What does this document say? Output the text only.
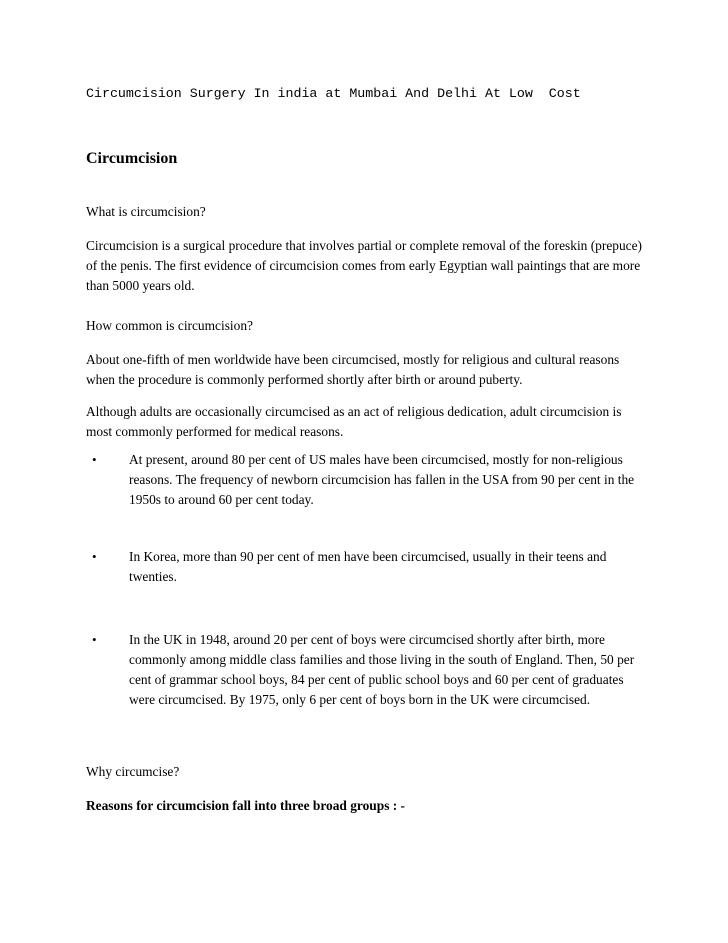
Circumcision Surgery In india at Mumbai And Delhi At Low  Cost
Circumcision

What is circumcision?

Circumcision is a surgical procedure that involves partial or complete removal of the foreskin (prepuce) of the penis. The first evidence of circumcision comes from early Egyptian wall paintings that are more than 5000 years old.

How common is circumcision?

About one-fifth of men worldwide have been circumcised, mostly for religious and cultural reasons when the procedure is commonly performed shortly after birth or around puberty.

Although adults are occasionally circumcised as an act of religious dedication, adult circumcision is most commonly performed for medical reasons.

• At present, around 80 per cent of US males have been circumcised, mostly for non-religious reasons. The frequency of newborn circumcision has fallen in the USA from 90 per cent in the 1950s to around 60 per cent today.

• In Korea, more than 90 per cent of men have been circumcised, usually in their teens and twenties.

• In the UK in 1948, around 20 per cent of boys were circumcised shortly after birth, more commonly among middle class families and those living in the south of England. Then, 50 per cent of grammar school boys, 84 per cent of public school boys and 60 per cent of graduates were circumcised. By 1975, only 6 per cent of boys born in the UK were circumcised.

Why circumcise?

Reasons for circumcision fall into three broad groups : -
